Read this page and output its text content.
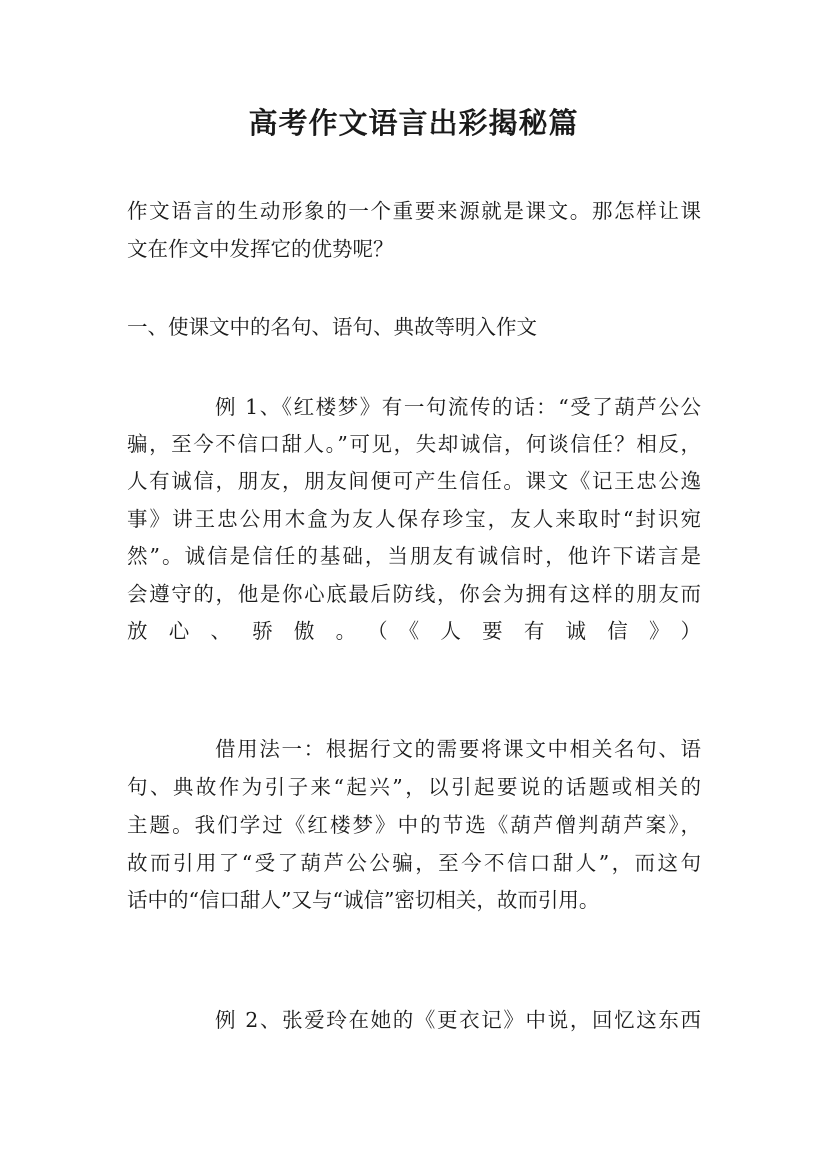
高考作文语言出彩揭秘篇
作文语言的生动形象的一个重要来源就是课文。那怎样让课
文在作文中发挥它的优势呢？
一、使课文中的名句、语句、典故等明入作文
例 1、《红楼梦》有一句流传的话：“受了葫芦公公
骗，至今不信口甜人。”可见，失却诚信，何谈信任？相反，
人有诚信，朋友，朋友间便可产生信任。课文《记王忠公逸
事》讲王忠公用木盒为友人保存珍宝，友人来取时“封识宛
然”。诚信是信任的基础，当朋友有诚信时，他许下诺言是
会遵守的，他是你心底最后防线，你会为拥有这样的朋友而
放心、骄傲。（《人要有诚信》）
借用法一：根据行文的需要将课文中相关名句、语
句、典故作为引子来“起兴”，以引起要说的话题或相关的
主题。我们学过《红楼梦》中的节选《葫芦僧判葫芦案》，
故而引用了“受了葫芦公公骗，至今不信口甜人”，而这句
话中的“信口甜人”又与“诚信”密切相关，故而引用。
例 2、张爱玲在她的《更衣记》中说，回忆这东西
